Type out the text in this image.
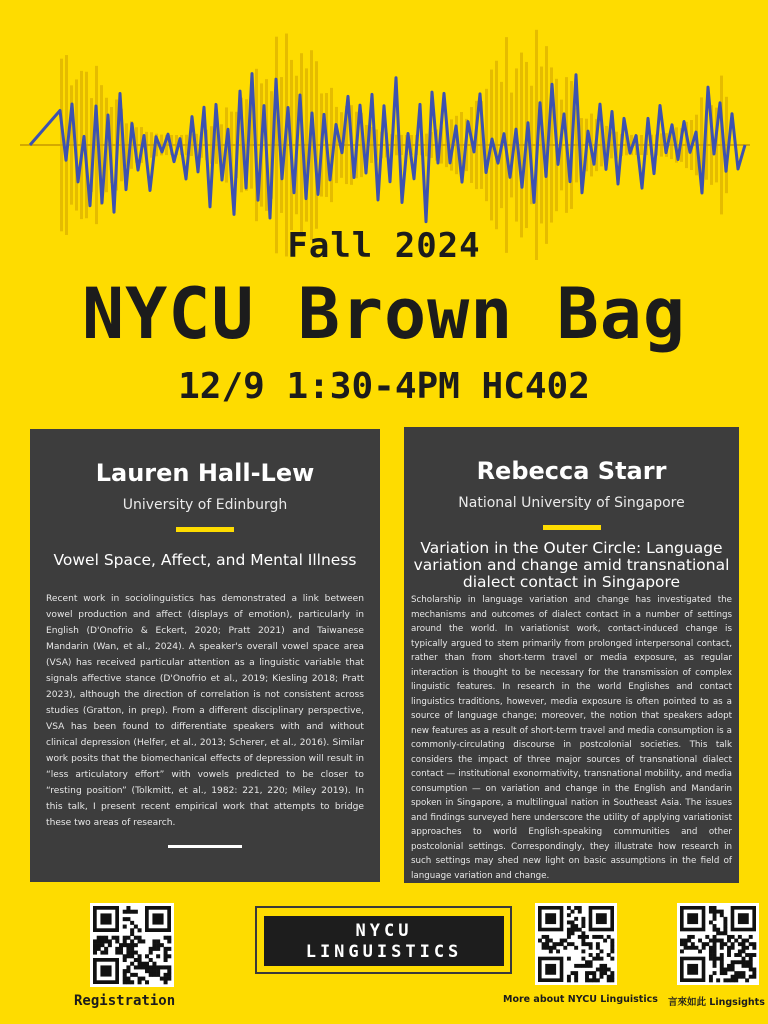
Fall 2024
NYCU Brown Bag
12/9 1:30-4PM HC402
Lauren Hall-Lew
University of Edinburgh
Vowel Space, Affect, and Mental Illness
Recent work in sociolinguistics has demonstrated a link between vowel production and affect (displays of emotion), particularly in English (D'Onofrio & Eckert, 2020; Pratt 2021) and Taiwanese Mandarin (Wan, et al., 2024). A speaker's overall vowel space area (VSA) has received particular attention as a linguistic variable that signals affective stance (D'Onofrio et al., 2019; Kiesling 2018; Pratt 2023), although the direction of correlation is not consistent across studies (Gratton, in prep). From a different disciplinary perspective, VSA has been found to differentiate speakers with and without clinical depression (Helfer, et al., 2013; Scherer, et al., 2016). Similar work posits that the biomechanical effects of depression will result in “less articulatory effort” with vowels predicted to be closer to “resting position” (Tolkmitt, et al., 1982: 221, 220; Miley 2019). In this talk, I present recent empirical work that attempts to bridge these two areas of research.
Rebecca Starr
National University of Singapore
Variation in the Outer Circle: Language variation and change amid transnational dialect contact in Singapore
Scholarship in language variation and change has investigated the mechanisms and outcomes of dialect contact in a number of settings around the world. In variationist work, contact-induced change is typically argued to stem primarily from prolonged interpersonal contact, rather than from short-term travel or media exposure, as regular interaction is thought to be necessary for the transmission of complex linguistic features. In research in the world Englishes and contact linguistics traditions, however, media exposure is often pointed to as a source of language change; moreover, the notion that speakers adopt new features as a result of short-term travel and media consumption is a commonly-circulating discourse in postcolonial societies. This talk considers the impact of three major sources of transnational dialect contact — institutional exonormativity, transnational mobility, and media consumption — on variation and change in the English and Mandarin spoken in Singapore, a multilingual nation in Southeast Asia. The issues and findings surveyed here underscore the utility of applying variationist approaches to world English-speaking communities and other postcolonial settings. Correspondingly, they illustrate how research in such settings may shed new light on basic assumptions in the field of language variation and change.
Registration
NYCU
LINGUISTICS
More about NYCU Linguistics 言來如此 Lingsights
